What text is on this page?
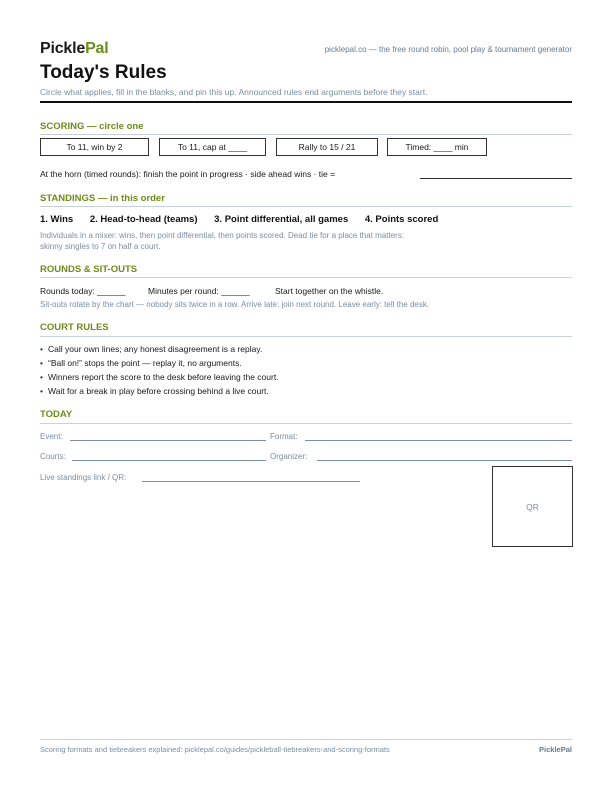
PicklePal	picklepal.co — the free round robin, pool play & tournament generator
Today's Rules
Circle what applies, fill in the blanks, and pin this up. Announced rules end arguments before they start.
SCORING — circle one
To 11, win by 2	To 11, cap at ____	Rally to 15 / 21	Timed: ____ min
At the horn (timed rounds): finish the point in progress · side ahead wins · tie =
STANDINGS — in this order
1. Wins 2. Head-to-head (teams) 3. Point differential, all games 4. Points scored
Individuals in a mixer: wins, then point differential, then points scored. Dead tie for a place that matters:
skinny singles to 7 on half a court.
ROUNDS & SIT-OUTS
Rounds today: ______	Minutes per round: ______	Start together on the whistle.
Sit-outs rotate by the chart — nobody sits twice in a row. Arrive late: join next round. Leave early: tell the desk.
COURT RULES
• Call your own lines; any honest disagreement is a replay.
• “Ball on!” stops the point — replay it, no arguments.
• Winners report the score to the desk before leaving the court.
• Wait for a break in play before crossing behind a live court.
TODAY
Event:	Format:
Courts:	Organizer:
Live standings link / QR:
QR
Scoring formats and tiebreakers explained: picklepal.co/guides/pickleball-tiebreakers-and-scoring-formats	PicklePal
